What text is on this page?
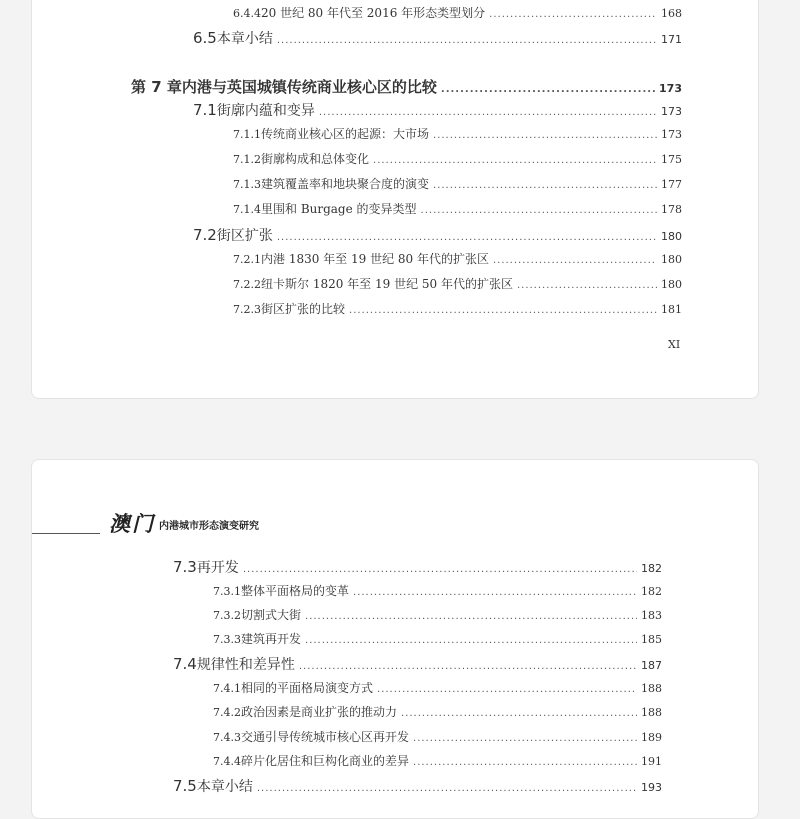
6.4.4 20 世纪 80 年代至 2016 年形态类型划分 .....	168
6.5 本章小结 .....	171
第 7 章 内港与英国城镇传统商业核心区的比较 .....	173
7.1 街廓内蕴和变异 .....	173
7.1.1 传统商业核心区的起源：大市场 .....	173
7.1.2 街廓构成和总体变化 .....	175
7.1.3 建筑覆盖率和地块聚合度的演变 .....	177
7.1.4 里围和 Burgage 的变异类型 .....	178
7.2 街区扩张 .....	180
7.2.1 内港 1830 年至 19 世纪 80 年代的扩张区 .....	180
7.2.2 纽卡斯尔 1820 年至 19 世纪 50 年代的扩张区 .....	180
7.2.3 街区扩张的比较 .....	181
XI
澳门 内港城市形态演变研究
7.3 再开发 .....	182
7.3.1 整体平面格局的变革 .....	182
7.3.2 切割式大街 .....	183
7.3.3 建筑再开发 .....	185
7.4 规律性和差异性 .....	187
7.4.1 相同的平面格局演变方式 .....	188
7.4.2 政治因素是商业扩张的推动力 .....	188
7.4.3 交通引导传统城市核心区再开发 .....	189
7.4.4 碎片化居住和巨构化商业的差异 .....	191
7.5 本章小结 .....	193
